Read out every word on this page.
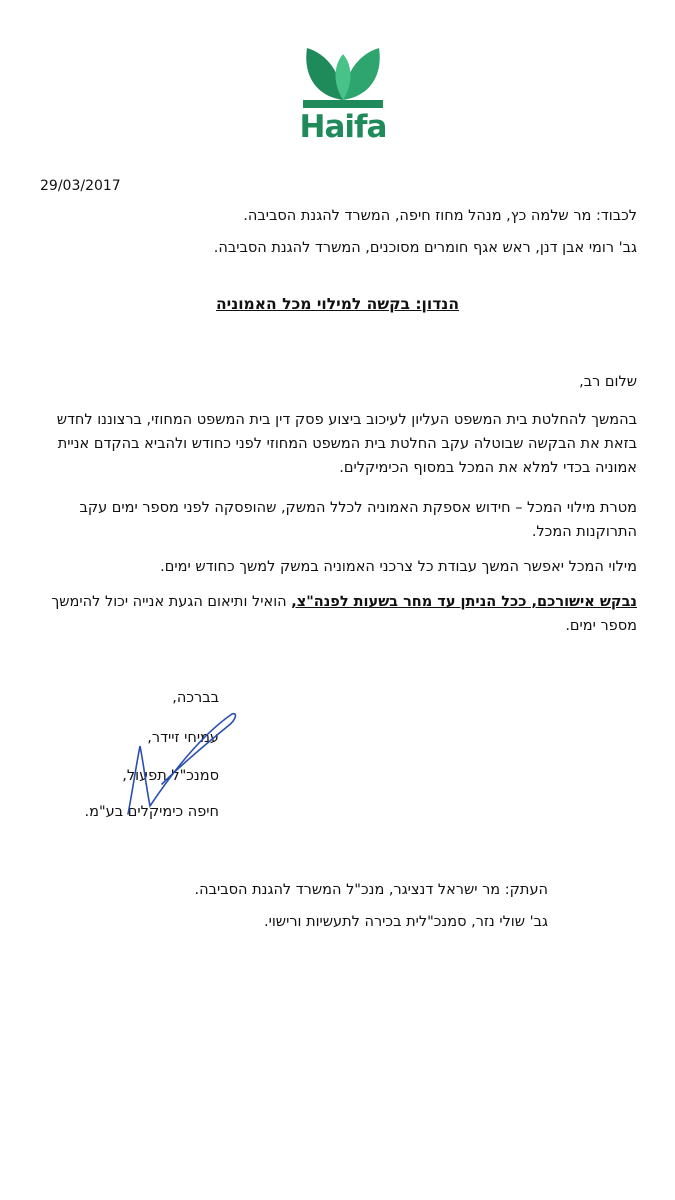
Haifa
29/03/2017
לכבוד: מר שלמה כץ, מנהל מחוז חיפה, המשרד להגנת הסביבה.
גב' רומי אבן דנן, ראש אגף חומרים מסוכנים, המשרד להגנת הסביבה.
הנדון: בקשה למילוי מכל האמוניה
שלום רב,
בהמשך להחלטת בית המשפט העליון לעיכוב ביצוע פסק דין בית המשפט המחוזי, ברצוננו לחדש בזאת את הבקשה שבוטלה עקב החלטת בית המשפט המחוזי לפני כחודש ולהביא בהקדם אניית אמוניה בכדי למלא את המכל במסוף הכימיקלים.
מטרת מילוי המכל – חידוש אספקת האמוניה לכלל המשק, שהופסקה לפני מספר ימים עקב התרוקנות המכל.
מילוי המכל יאפשר המשך עבודת כל צרכני האמוניה במשק למשך כחודש ימים.
נבקש אישורכם, ככל הניתן עד מחר בשעות לפנה"צ, הואיל ותיאום הגעת אנייה יכול להימשך מספר ימים.
בברכה,
עמיחי זיידר,
סמנכ"ל תפעול,
חיפה כימיקלים בע"מ.
העתק: מר ישראל דנציגר, מנכ"ל המשרד להגנת הסביבה.
גב' שולי נזר, סמנכ"לית בכירה לתעשיות ורישוי.
